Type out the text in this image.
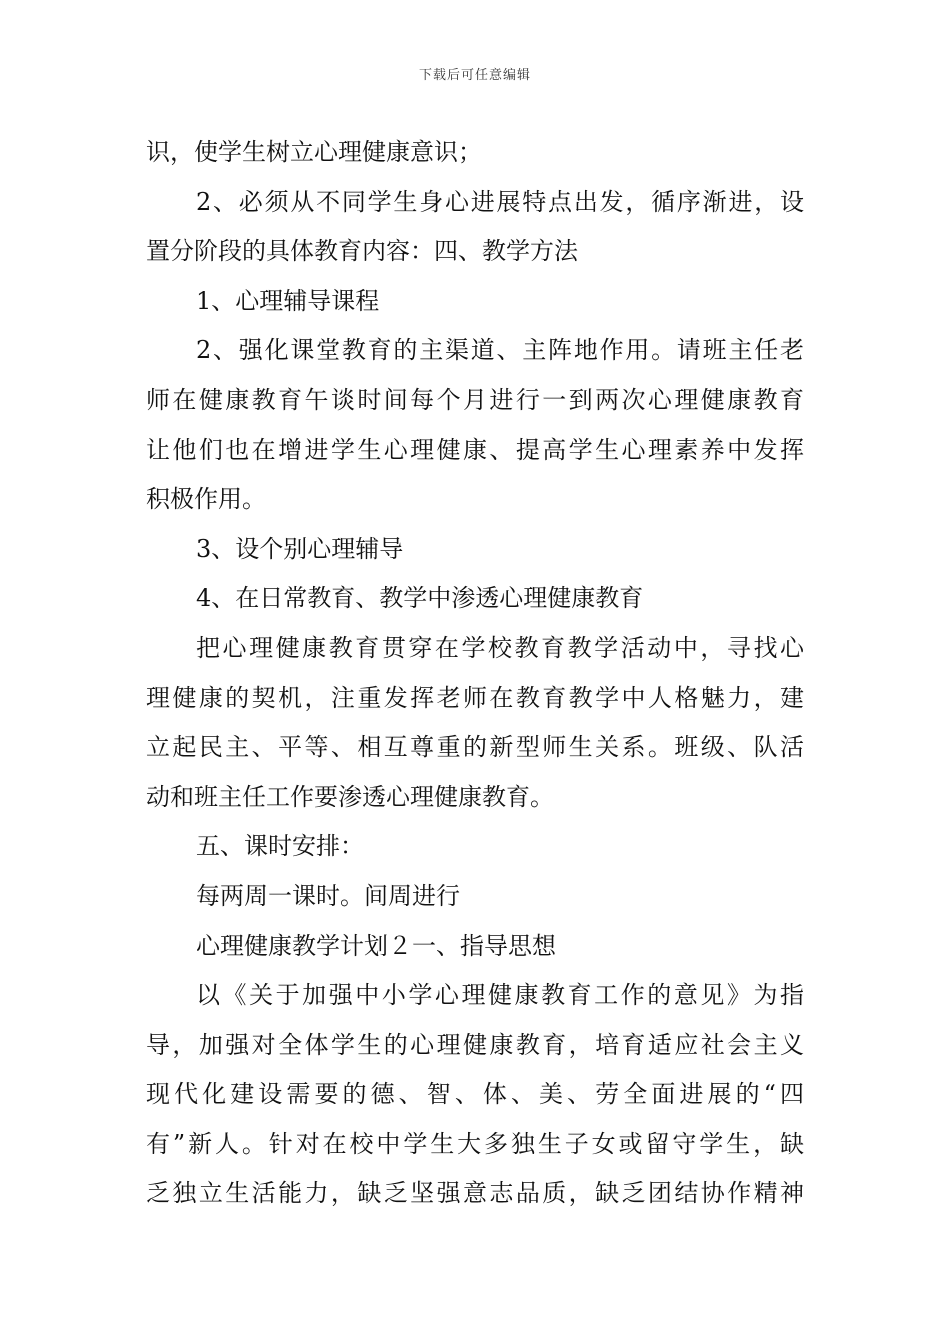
下载后可任意编辑
识，使学生树立心理健康意识；
2、必须从不同学生身心进展特点出发，循序渐进，设
置分阶段的具体教育内容：四、教学方法
1、心理辅导课程
2、强化课堂教育的主渠道、主阵地作用。请班主任老
师在健康教育午谈时间每个月进行一到两次心理健康教育
让他们也在增进学生心理健康、提高学生心理素养中发挥
积极作用。
3、设个别心理辅导
4、在日常教育、教学中渗透心理健康教育
把心理健康教育贯穿在学校教育教学活动中，寻找心
理健康的契机，注重发挥老师在教育教学中人格魅力，建
立起民主、平等、相互尊重的新型师生关系。班级、队活
动和班主任工作要渗透心理健康教育。
五、课时安排：
每两周一课时。间周进行
心理健康教学计划２一、指导思想
以《关于加强中小学心理健康教育工作的意见》为指
导，加强对全体学生的心理健康教育，培育适应社会主义
现代化建设需要的德、智、体、美、劳全面进展的“四
有”新人。针对在校中学生大多独生子女或留守学生，缺
乏独立生活能力，缺乏坚强意志品质，缺乏团结协作精神
